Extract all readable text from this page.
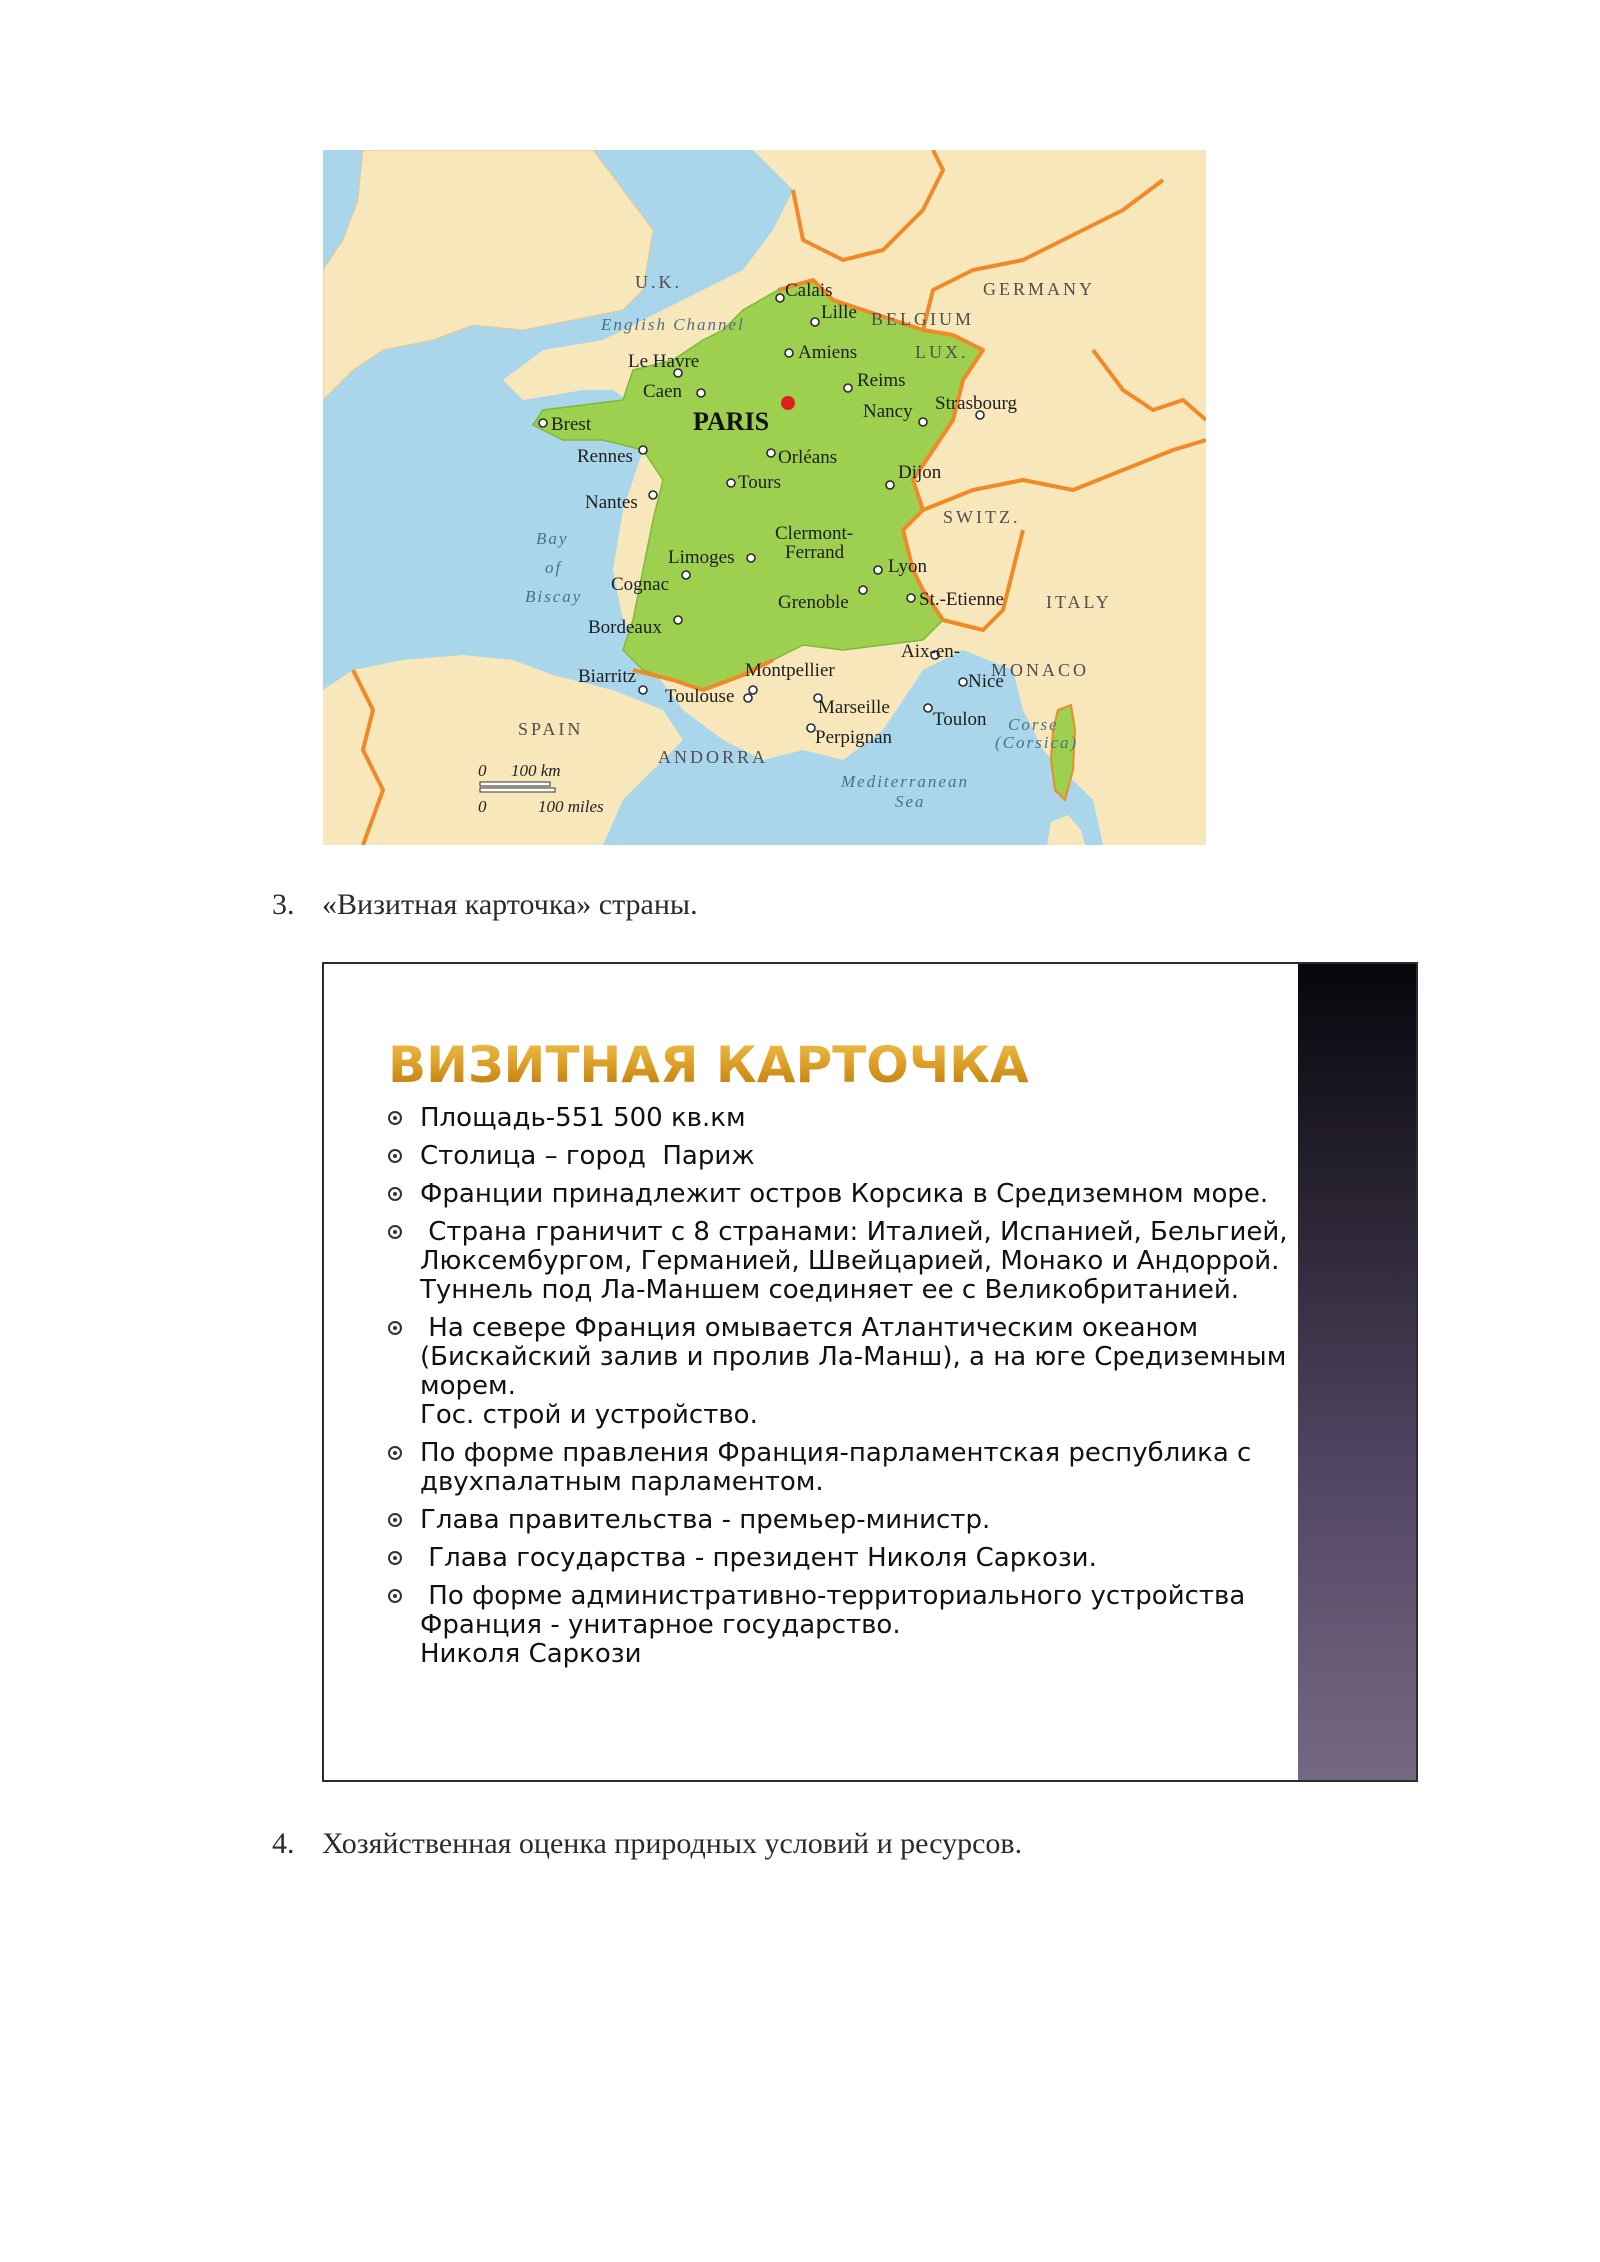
U.K.	GERMANY
BELGIUM
LUX.
SWITZ.
ITALY
SPAIN
ANDORRA
MONACO
Corse
(Corsica)
English Channel
Bay
of
Biscay
Mediterranean
Sea
PARIS
Calais
Lille
Amiens
Le Havre
Caen
Reims
Nancy Strasbourg
Brest
Rennes	Orléans
Tours	Dijon
Nantes
Clermont-
Ferrand
Limoges	Lyon
Cognac
Grenoble	St.-Etienne
Bordeaux
Aix-en-
Biarritz	Montpellier
Nice
Toulouse
Marseille
Toulon
Perpignan
0 100 km
0	100 miles
3. «Визитная карточка» страны.
ВИЗИТНАЯ КАРТОЧКА
Площадь-551 500 кв.км
Столица – город  Париж
Франции принадлежит остров Корсика в Средиземном море.
Страна граничит с 8 странами: Италией, Испанией, Бельгией,
Люксембургом, Германией, Швейцарией, Монако и Андоррой.
Туннель под Ла-Маншем соединяет ее с Великобританией.
На севере Франция омывается Атлантическим океаном
(Бискайский залив и пролив Ла-Манш), а на юге Средиземным
морем.
Гос. строй и устройство.
По форме правления Франция-парламентская республика с
двухпалатным парламентом.
Глава правительства - премьер-министр.
Глава государства - президент Николя Саркози.
По форме административно-территориального устройства
Франция - унитарное государство.
Николя Саркози
4. Хозяйственная оценка природных условий и ресурсов.
